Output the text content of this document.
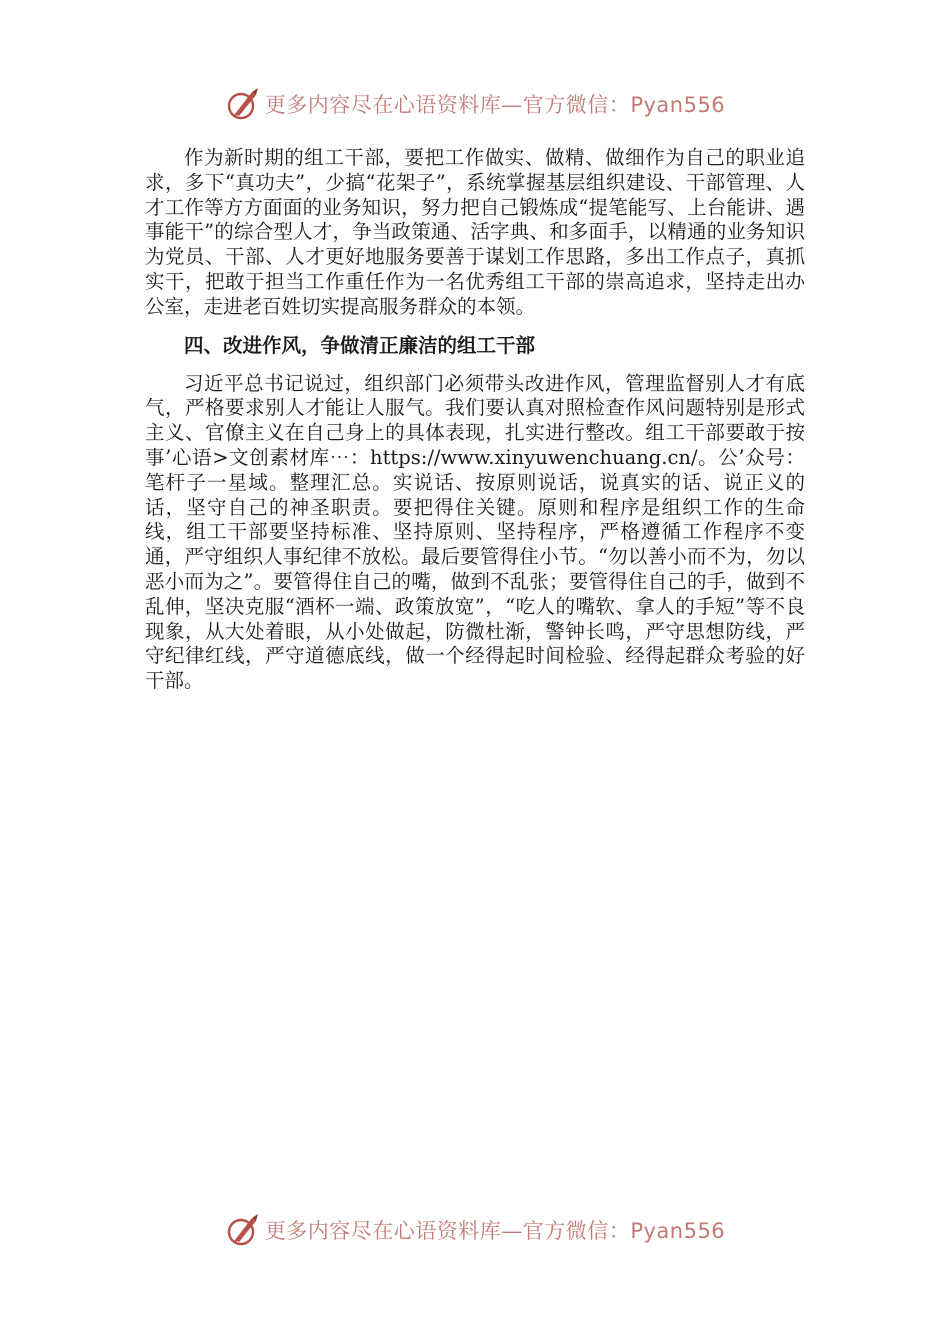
更多内容尽在心语资料库—官方微信：Pyan556

作为新时期的组工干部，要把工作做实、做精、做细作为自己的职业追求，多下“真功夫”，少搞“花架子”，系统掌握基层组织建设、干部管理、人才工作等方方面面的业务知识，努力把自己锻炼成“提笔能写、上台能讲、遇事能干”的综合型人才，争当政策通、活字典、和多面手，以精通的业务知识为党员、干部、人才更好地服务要善于谋划工作思路，多出工作点子，真抓实干，把敢于担当工作重任作为一名优秀组工干部的崇高追求，坚持走出办公室，走进老百姓切实提高服务群众的本领。

四、改进作风，争做清正廉洁的组工干部

习近平总书记说过，组织部门必须带头改进作风，管理监督别人才有底气，严格要求别人才能让人服气。我们要认真对照检查作风问题特别是形式主义、官僚主义在自己身上的具体表现，扎实进行整改。组工干部要敢于按事’心语>文创素材库⋯：https://www.xinyuwenchuang.cn/。公’众号：笔杆子一星域。整理汇总。实说话、按原则说话，说真实的话、说正义的话，坚守自己的神圣职责。要把得住关键。原则和程序是组织工作的生命线，组工干部要坚持标准、坚持原则、坚持程序，严格遵循工作程序不变通，严守组织人事纪律不放松。最后要管得住小节。“勿以善小而不为，勿以恶小而为之”。要管得住自己的嘴，做到不乱张；要管得住自己的手，做到不乱伸，坚决克服“酒杯一端、政策放宽”，“吃人的嘴软、拿人的手短”等不良现象，从大处着眼，从小处做起，防微杜渐，警钟长鸣，严守思想防线，严守纪律红线，严守道德底线，做一个经得起时间检验、经得起群众考验的好干部。

更多内容尽在心语资料库—官方微信：Pyan556
